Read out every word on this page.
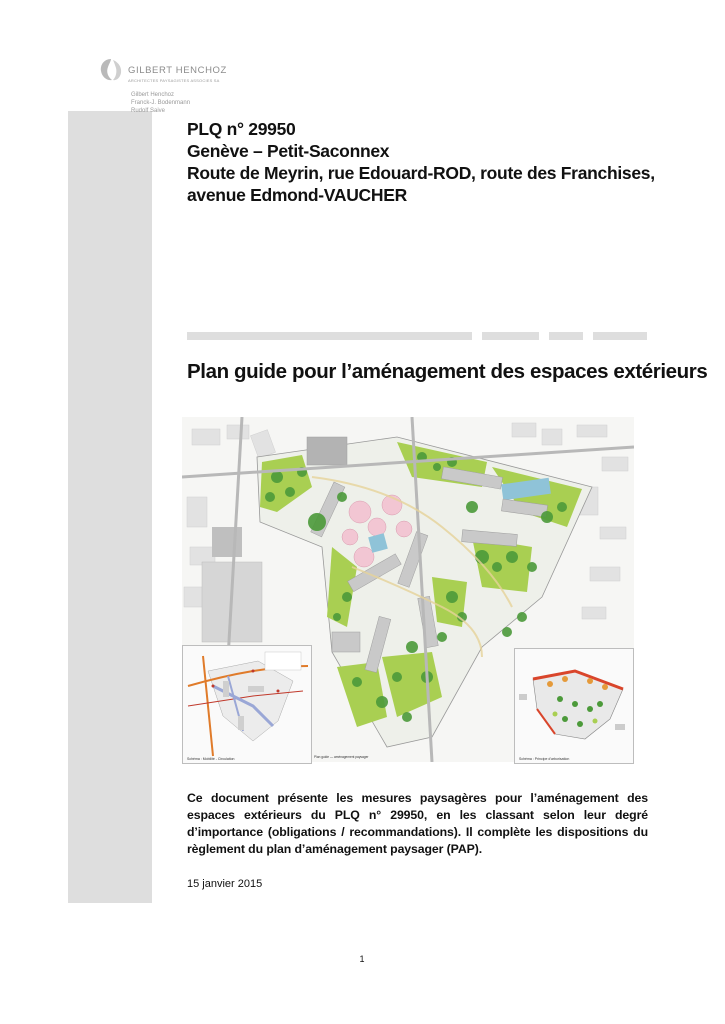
GILBERT HENCHOZ
ARCHITECTES PAYSAGISTES ASSOCIES SA
Gilbert Henchoz
Franck-J. Bodenmann
Rudolf Saive
PLQ n° 29950
Genève – Petit-Saconnex
Route de Meyrin, rue Edouard-ROD, route des Franchises,
avenue Edmond-VAUCHER
Plan guide pour l’aménagement des espaces extérieurs
Plan guide — aménagement paysager
Schéma : Mobilité - Circulation	Schéma : Principe d'arborisation
Ce document présente les mesures paysagères pour l’aménagement des espaces extérieurs du PLQ n° 29950, en les classant selon leur degré d’importance (obligations / recommandations). Il complète les dispositions du règlement du plan d’aménagement paysager (PAP).
15 janvier 2015
1
